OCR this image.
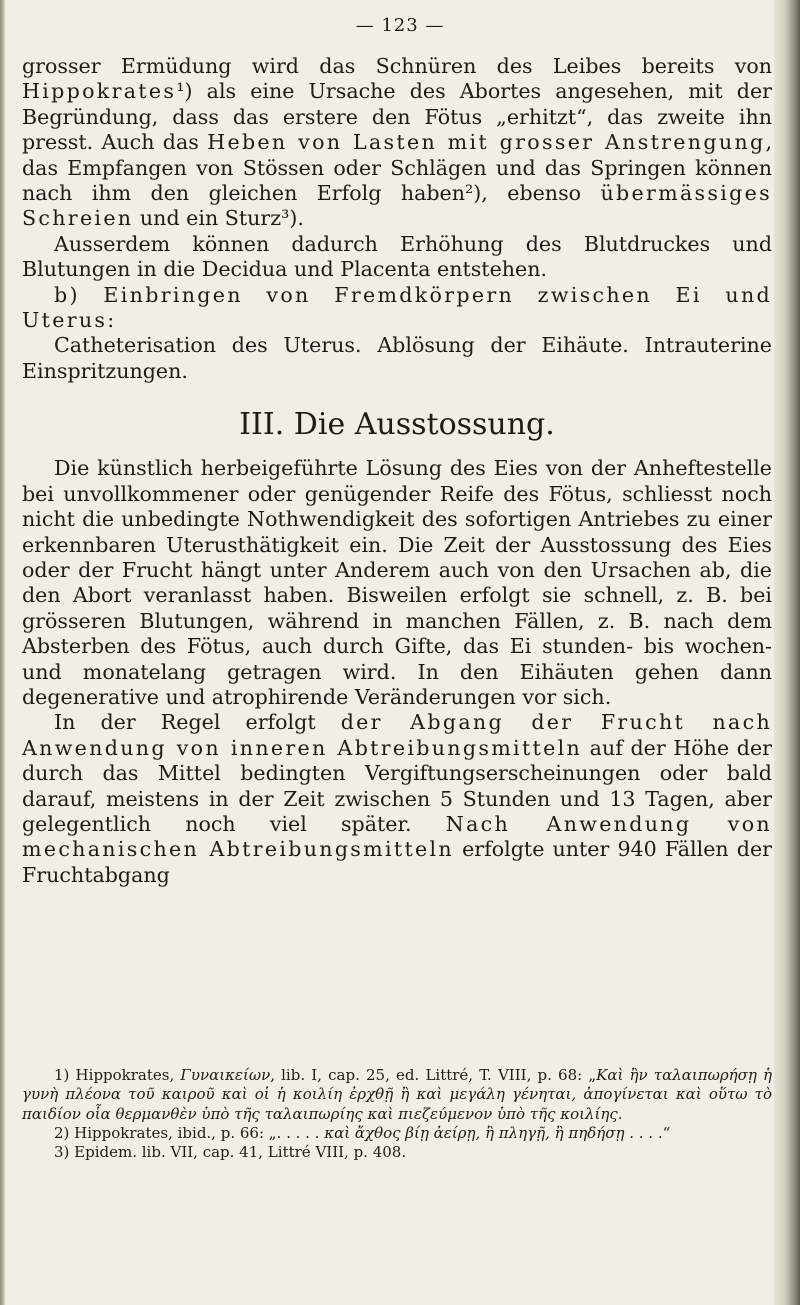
— 123 —

grosser Ermüdung wird das Schnüren des Leibes bereits von Hippokrates¹) als eine Ursache des Abortes angesehen, mit der Begründung, dass das erstere den Fötus „erhitzt“, das zweite ihn presst. Auch das Heben von Lasten mit grosser Anstrengung, das Empfangen von Stössen oder Schlägen und das Springen können nach ihm den gleichen Erfolg haben²), ebenso übermässiges Schreien und ein Sturz³).

Ausserdem können dadurch Erhöhung des Blutdruckes und Blutungen in die Decidua und Placenta entstehen.

b) Einbringen von Fremdkörpern zwischen Ei und Uterus:

Catheterisation des Uterus. Ablösung der Eihäute. Intrauterine Einspritzungen.

III. Die Ausstossung.

Die künstlich herbeigeführte Lösung des Eies von der Anheftestelle bei unvollkommener oder genügender Reife des Fötus, schliesst noch nicht die unbedingte Nothwendigkeit des sofortigen Antriebes zu einer erkennbaren Uterusthätigkeit ein. Die Zeit der Ausstossung des Eies oder der Frucht hängt unter Anderem auch von den Ursachen ab, die den Abort veranlasst haben. Bisweilen erfolgt sie schnell, z. B. bei grösseren Blutungen, während in manchen Fällen, z. B. nach dem Absterben des Fötus, auch durch Gifte, das Ei stunden- bis wochen- und monatelang getragen wird. In den Eihäuten gehen dann degenerative und atrophirende Veränderungen vor sich.

In der Regel erfolgt der Abgang der Frucht nach Anwendung von inneren Abtreibungsmitteln auf der Höhe der durch das Mittel bedingten Vergiftungserscheinungen oder bald darauf, meistens in der Zeit zwischen 5 Stunden und 13 Tagen, aber gelegentlich noch viel später. Nach Anwendung von mechanischen Abtreibungsmitteln erfolgte unter 940 Fällen der Fruchtabgang

1) Hippokrates, Γυναικείων, lib. I, cap. 25, ed. Littré, T. VIII, p. 68: „Καὶ ἢν ταλαιπωρήσῃ ἡ γυνὴ πλέονα τοῦ καιροῦ καὶ οἱ ἡ κοιλίη ἐρχθῇ ἢ καὶ μεγάλη γένηται, ἀπογίνεται καὶ οὕτω τὸ παιδίον οἷα θερμανθὲν ὑπὸ τῆς ταλαιπωρίης καὶ πιεζεύμενον ὑπὸ τῆς κοιλίης.

2) Hippokrates, ibid., p. 66: „. . . . . καὶ ἄχθος βίῃ ἀείρῃ, ἢ πληγῇ, ἢ πηδήσῃ . . . .“

3) Epidem. lib. VII, cap. 41, Littré VIII, p. 408.
